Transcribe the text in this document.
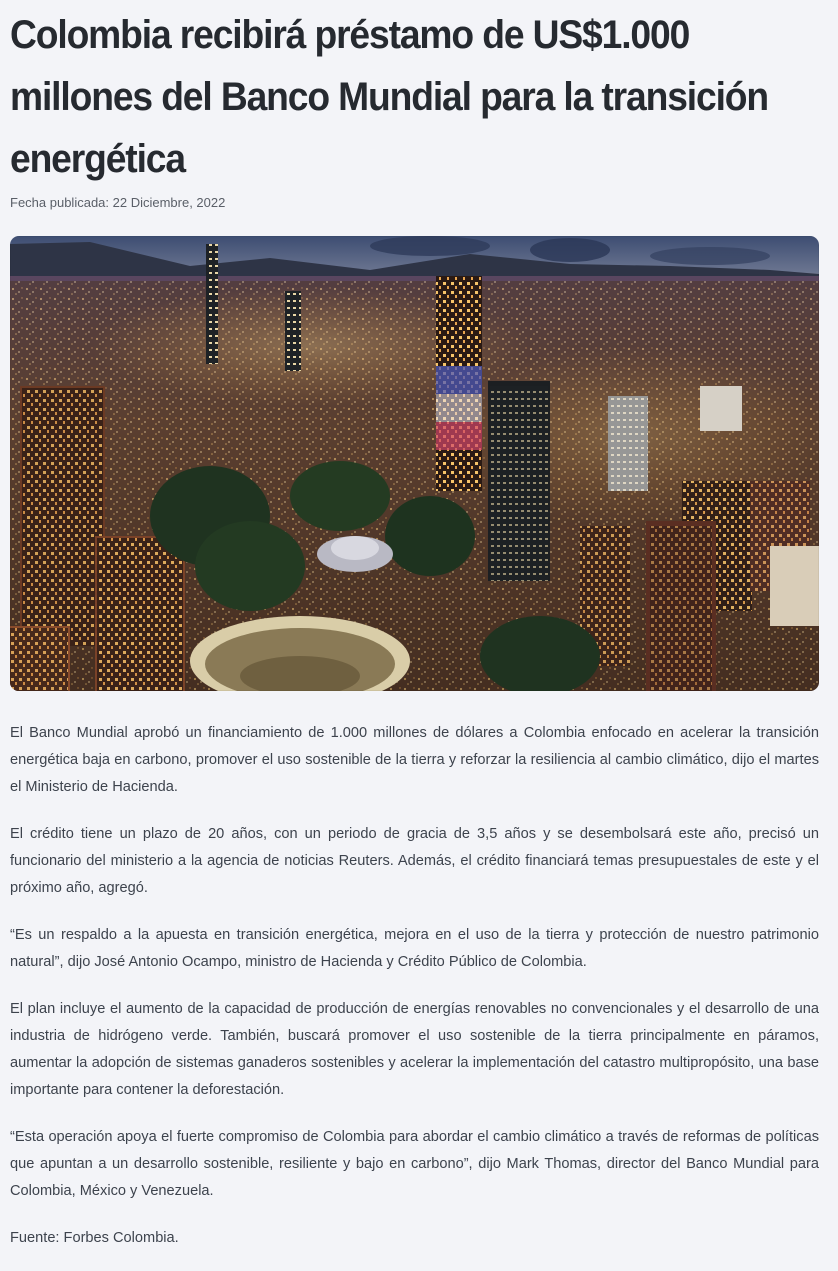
Colombia recibirá préstamo de US$1.000 millones del Banco Mundial para la transición energética
Fecha publicada: 22 Diciembre, 2022

El Banco Mundial aprobó un financiamiento de 1.000 millones de dólares a Colombia enfocado en acelerar la transición energética baja en carbono, promover el uso sostenible de la tierra y reforzar la resiliencia al cambio climático, dijo el martes el Ministerio de Hacienda.

El crédito tiene un plazo de 20 años, con un periodo de gracia de 3,5 años y se desembolsará este año, precisó un funcionario del ministerio a la agencia de noticias Reuters. Además, el crédito financiará temas presupuestales de este y el próximo año, agregó.

“Es un respaldo a la apuesta en transición energética, mejora en el uso de la tierra y protección de nuestro patrimonio natural”, dijo José Antonio Ocampo, ministro de Hacienda y Crédito Público de Colombia.

El plan incluye el aumento de la capacidad de producción de energías renovables no convencionales y el desarrollo de una industria de hidrógeno verde. También, buscará promover el uso sostenible de la tierra principalmente en páramos, aumentar la adopción de sistemas ganaderos sostenibles y acelerar la implementación del catastro multipropósito, una base importante para contener la deforestación.

“Esta operación apoya el fuerte compromiso de Colombia para abordar el cambio climático a través de reformas de políticas que apuntan a un desarrollo sostenible, resiliente y bajo en carbono”, dijo Mark Thomas, director del Banco Mundial para Colombia, México y Venezuela.

Fuente: Forbes Colombia.
